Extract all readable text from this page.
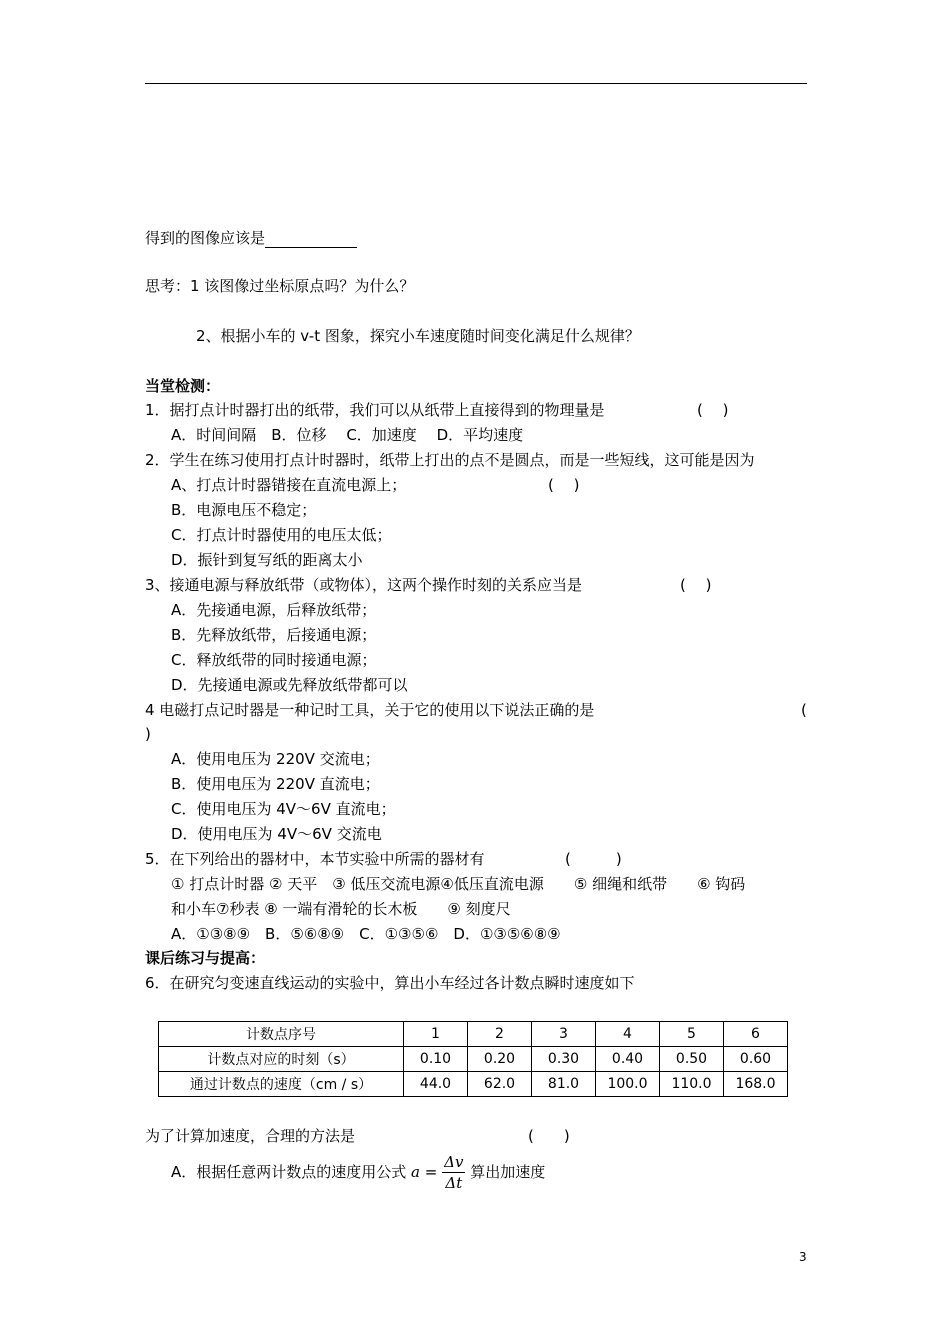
得到的图像应该是
思考：1 该图像过坐标原点吗？为什么？
2、根据小车的 v-t 图象，探究小车速度随时间变化满足什么规律？
当堂检测：
1．据打点计时器打出的纸带，我们可以从纸带上直接得到的物理量是	(　 )
A．时间间隔　B．位移　 C．加速度　 D．平均速度
2．学生在练习使用打点计时器时，纸带上打出的点不是圆点，而是一些短线，这可能是因为
A、打点计时器错接在直流电源上；	(　 )
B．电源电压不稳定；
C．打点计时器使用的电压太低；
D．振针到复写纸的距离太小
3、接通电源与释放纸带（或物体），这两个操作时刻的关系应当是	(　 )
A．先接通电源，后释放纸带；
B．先释放纸带，后接通电源；
C．释放纸带的同时接通电源；
D．先接通电源或先释放纸带都可以
4 电磁打点记时器是一种记时工具，关于它的使用以下说法正确的是	(
)
A．使用电压为 220V 交流电；
B．使用电压为 220V 直流电；
C．使用电压为 4V～6V 直流电；
D．使用电压为 4V～6V 交流电
5．在下列给出的器材中，本节实验中所需的器材有	(　　　)
① 打点计时器 ② 天平　③ 低压交流电源④低压直流电源　　⑤ 细绳和纸带　　⑥ 钩码
和小车⑦秒表 ⑧ 一端有滑轮的长木板　　⑨ 刻度尺
A．①③⑧⑨　B．⑤⑥⑧⑨　C．①③⑤⑥　D．①③⑤⑥⑧⑨
课后练习与提高：
6．在研究匀变速直线运动的实验中，算出小车经过各计数点瞬时速度如下
计数点序号	1	2	3	4	5	6
计数点对应的时刻（s）	0.10	0.20	0.30	0.40	0.50	0.60
通过计数点的速度（cm / s）	44.0	62.0	81.0	100.0	110.0	168.0
为了计算加速度，合理的方法是	(　　)
A．根据任意两计数点的速度用公式 $a = \frac{\Delta v}{\Delta t}$ 算出加速度
3
